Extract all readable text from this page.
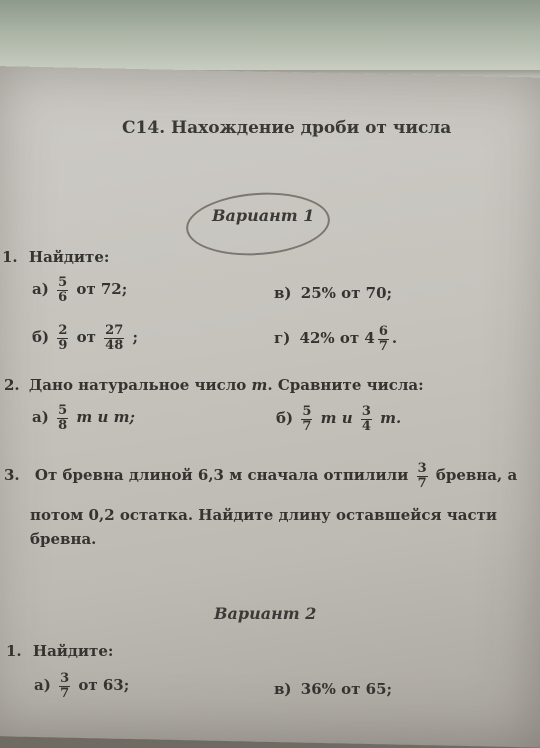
С14. Нахождение дроби от числа
Вариант 1
1. Найдите:
$а) \frac{5}{6}$ от 72;	в) 25% от 70;
$б) \frac{2}{9}$ от $\frac{27}{48}$ ;	г) 42% от $4 \frac{6}{7}$ .
2. Дано натуральное число m. Сравните числа:
$а) \frac{5}{8}$ m и m;	$б) \frac{5}{7}$ m и $\frac{3}{4} m$.
3. От бревна длиной 6,3 м сначала отпилили $\frac{3}{7}$ бревна, а
потом 0,2 остатка. Найдите длину оставшейся части
бревна.
Вариант 2
1. Найдите:
$а) \frac{3}{7}$ от 63;	в) 36% от 65;
